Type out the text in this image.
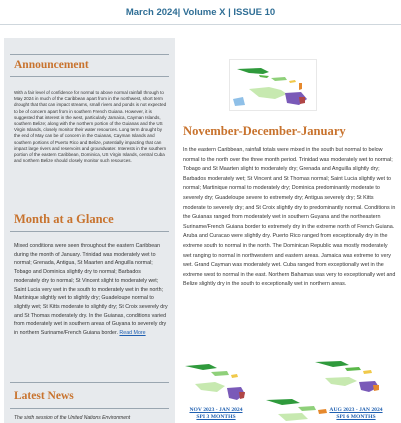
March 2024| Volume X | ISSUE 10
Announcement
With a fair level of confidence for normal to above normal rainfall through to May 2024 in much of the Caribbean apart from in the northwest, short term drought that that can impact streams, small rivers and ponds is not expected to be of concern apart from in southern French Guiana. However, it is suggested that interest in the west, particularly Jamaica, Cayman Islands, southern Belize; along with the northern portion of the Guianas and the US Virgin Islands, closely monitor their water resources. Long term drought by the end of May can be of concern in the Guianas, Cayman Islands and southern portions of Puerto Rico and Belize, potentially impacting that can impact large rivers and reservoirs and groundwater. Interests in the southern portion of the eastern Caribbean, Dominica, US Virgin Islands, central Cuba and northern Belize should closely monitor such resources.
Month at a Glance
Mixed conditions were seen throughout the eastern Caribbean during the month of January. Trinidad was moderately wet to normal; Grenada, Antigua, St Maarten and Anguilla normal; Tobago and Dominica slightly dry to normal; Barbados moderately dry to normal; St Vincent slight to moderately wet; Saint Lucia very wet in the south to moderately wet in the north; Martinique slightly wet to slightly dry; Guadeloupe normal to slightly wet; St Kitts moderate to slightly dry; St Croix severely dry and St Thomas moderately dry. In the Guianas, conditions varied from moderately wet in southern areas of Guyana to severely dry in northern Suriname/French Guiana border. Read More
Latest News
The sixth session of the United Nations Environment
November-December-January
In the eastern Caribbean, rainfall totals were mixed in the south but normal to below normal to the north over the three month period. Trinidad was moderately wet to normal; Tobago and St Maarten slight to moderately dry; Grenada and Anguilla slightly dry; Barbados moderately wet; St Vincent and St Thomas normal; Saint Lucia slightly wet to normal; Martinique normal to moderately dry; Dominica predominantly moderate to severely dry; Guadeloupe severe to extremely dry; Antigua severely dry; St Kitts moderate to severely dry; and St Croix slightly dry to predominantly normal. Conditions in the Guianas ranged from moderately wet in southern Guyana and the northeastern Suriname/French Guiana border to extremely dry in the extreme north of French Guiana. Aruba and Curacao were slightly dry. Puerto Rico ranged from exceptionally dry in the extreme south to normal in the north. The Dominican Republic was mostly moderately wet ranging to normal in northwestern and eastern areas. Jamaica was extreme to very wet. Grand Cayman was moderately wet. Cuba ranged from exceptionally wet in the extreme west to normal in the east. Northern Bahamas was very to exceptionally wet and Belize slightly dry in the south to exceptionally wet in northern areas.
NOV 2023 - JAN 2024
SPI 3 MONTHS
AUG 2023 - JAN 2024
SPI 6 MONTHS
